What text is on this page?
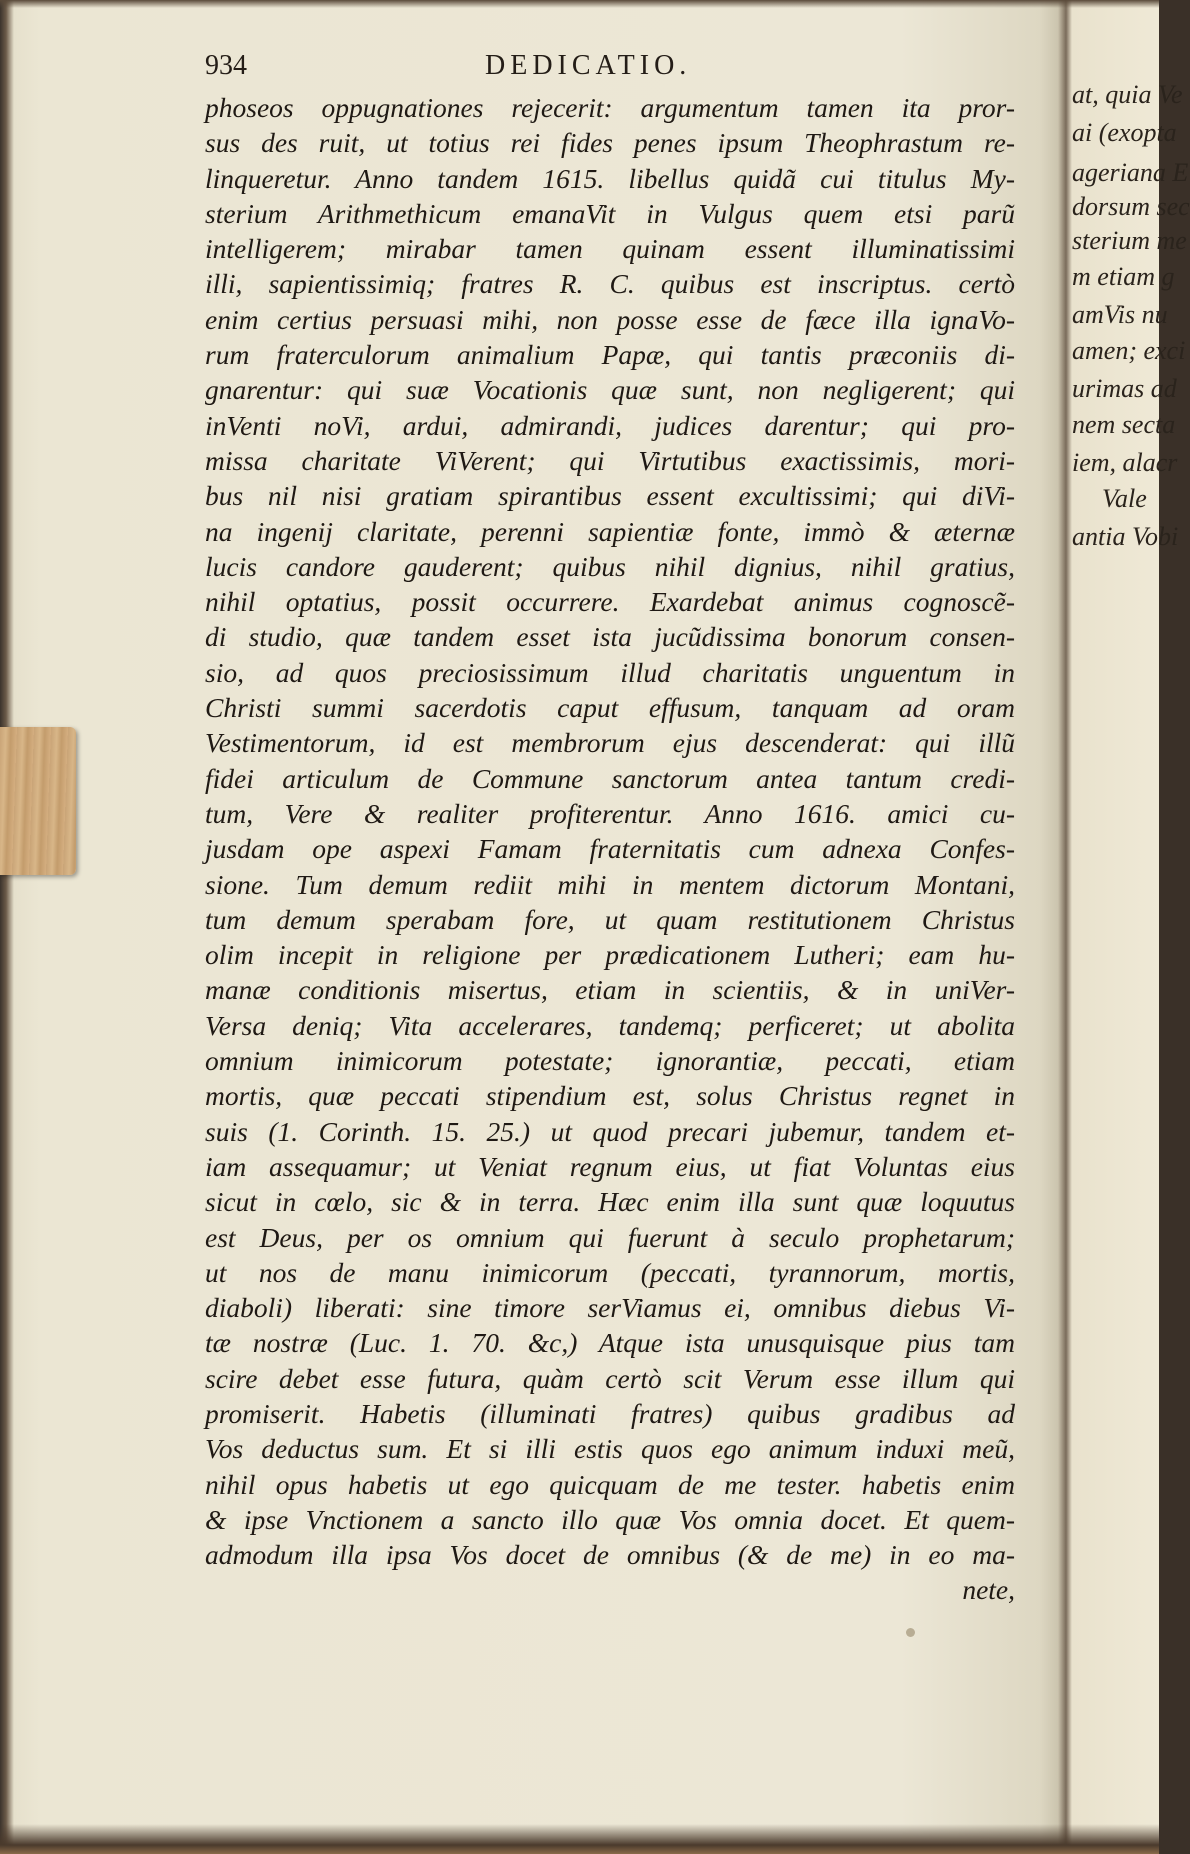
934	DEDICATIO.
phoseos oppugnationes rejecerit: argumentum tamen ita pror-
sus des ruit, ut totius rei fides penes ipsum Theophrastum re-
linqueretur. Anno tandem 1615. libellus quidã cui titulus My-
sterium Arithmethicum emanaVit in Vulgus quem etsi parũ
intelligerem; mirabar tamen quinam essent illuminatissimi
illi, sapientissimiq; fratres R. C. quibus est inscriptus. certò
enim certius persuasi mihi, non posse esse de fæce illa ignaVo-
rum fraterculorum animalium Papæ, qui tantis præconiis di-
gnarentur: qui suæ Vocationis quæ sunt, non negligerent; qui
inVenti noVi, ardui, admirandi, judices darentur; qui pro-
missa charitate ViVerent; qui Virtutibus exactissimis, mori-
bus nil nisi gratiam spirantibus essent excultissimi; qui diVi-
na ingenij claritate, perenni sapientiæ fonte, immò & æternæ
lucis candore gauderent; quibus nihil dignius, nihil gratius,
nihil optatius, possit occurrere. Exardebat animus cognoscẽ-
di studio, quæ tandem esset ista jucũdissima bonorum consen-
sio, ad quos preciosissimum illud charitatis unguentum in
Christi summi sacerdotis caput effusum, tanquam ad oram
Vestimentorum, id est membrorum ejus descenderat: qui illũ
fidei articulum de Commune sanctorum antea tantum credi-
tum, Vere & realiter profiterentur. Anno 1616. amici cu-
jusdam ope aspexi Famam fraternitatis cum adnexa Confes-
sione. Tum demum rediit mihi in mentem dictorum Montani,
tum demum sperabam fore, ut quam restitutionem Christus
olim incepit in religione per prædicationem Lutheri; eam hu-
manæ conditionis misertus, etiam in scientiis, & in uniVer-
Versa deniq; Vita accelerares, tandemq; perficeret; ut abolita
omnium inimicorum potestate; ignorantiæ, peccati, etiam
mortis, quæ peccati stipendium est, solus Christus regnet in
suis (1. Corinth. 15. 25.) ut quod precari jubemur, tandem et-
iam assequamur; ut Veniat regnum eius, ut fiat Voluntas eius
sicut in cœlo, sic & in terra. Hæc enim illa sunt quæ loquutus
est Deus, per os omnium qui fuerunt à seculo prophetarum;
ut nos de manu inimicorum (peccati, tyrannorum, mortis,
diaboli) liberati: sine timore serViamus ei, omnibus diebus Vi-
tæ nostræ (Luc. 1. 70. &c,) Atque ista unusquisque pius tam
scire debet esse futura, quàm certò scit Verum esse illum qui
promiserit. Habetis (illuminati fratres) quibus gradibus ad
Vos deductus sum. Et si illi estis quos ego animum induxi meũ,
nihil opus habetis ut ego quicquam de me tester. habetis enim
& ipse Vnctionem a sancto illo quæ Vos omnia docet. Et quem-
admodum illa ipsa Vos docet de omnibus (& de me) in eo ma-
nete,
at, quia Ve
ai (exopta
ageriana E
dorsum sec
sterium me
m etiam g
amVis nu
amen; exci
urimas ad
nem secta
iem, alacr
Vale
antia Vobi
